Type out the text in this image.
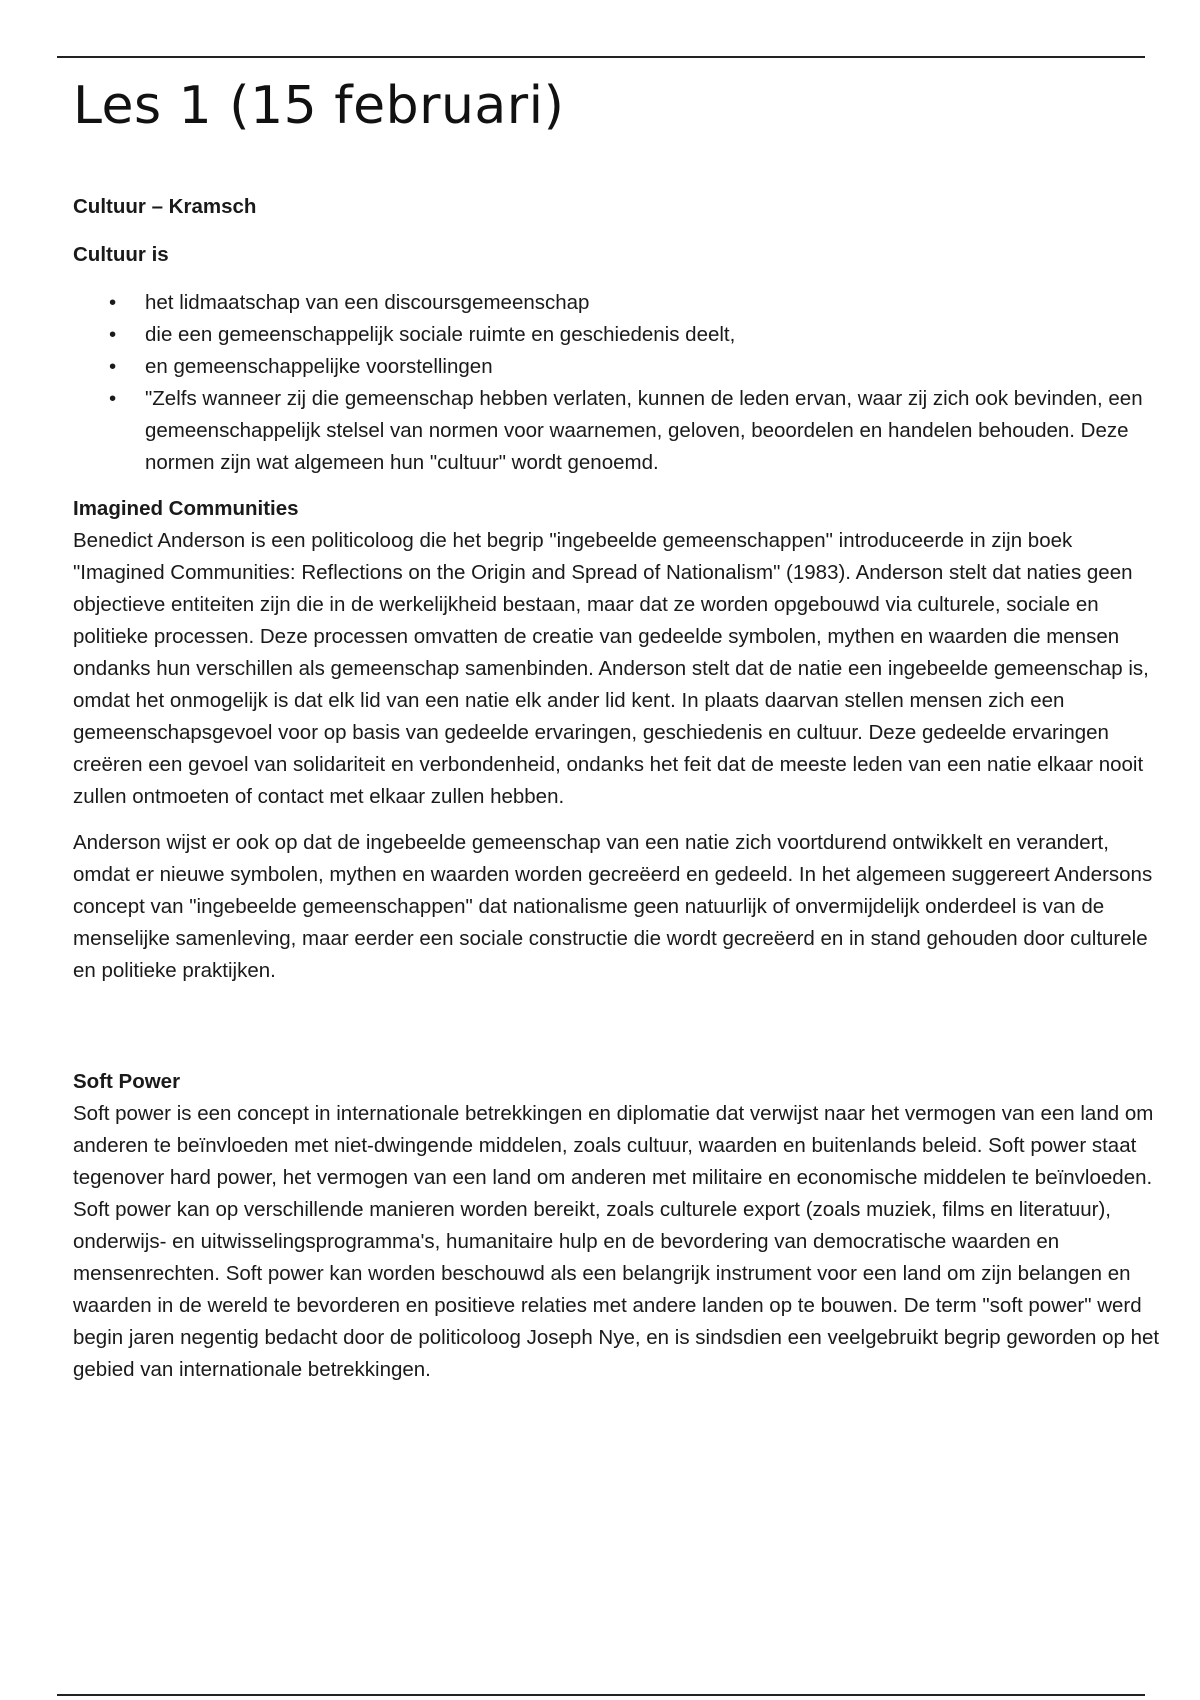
Les 1 (15 februari)
Cultuur – Kramsch
Cultuur is
• het lidmaatschap van een discoursgemeenschap
• die een gemeenschappelijk sociale ruimte en geschiedenis deelt,
• en gemeenschappelijke voorstellingen
• "Zelfs wanneer zij die gemeenschap hebben verlaten, kunnen de leden ervan, waar zij zich ook bevinden, een gemeenschappelijk stelsel van normen voor waarnemen, geloven, beoordelen en handelen behouden. Deze normen zijn wat algemeen hun "cultuur" wordt genoemd.
Imagined Communities

Benedict Anderson is een politicoloog die het begrip "ingebeelde gemeenschappen" introduceerde in zijn boek "Imagined Communities: Reflections on the Origin and Spread of Nationalism" (1983). Anderson stelt dat naties geen objectieve entiteiten zijn die in de werkelijkheid bestaan, maar dat ze worden opgebouwd via culturele, sociale en politieke processen. Deze processen omvatten de creatie van gedeelde symbolen, mythen en waarden die mensen ondanks hun verschillen als gemeenschap samenbinden. Anderson stelt dat de natie een ingebeelde gemeenschap is, omdat het onmogelijk is dat elk lid van een natie elk ander lid kent. In plaats daarvan stellen mensen zich een gemeenschapsgevoel voor op basis van gedeelde ervaringen, geschiedenis en cultuur. Deze gedeelde ervaringen creëren een gevoel van solidariteit en verbondenheid, ondanks het feit dat de meeste leden van een natie elkaar nooit zullen ontmoeten of contact met elkaar zullen hebben.

Anderson wijst er ook op dat de ingebeelde gemeenschap van een natie zich voortdurend ontwikkelt en verandert, omdat er nieuwe symbolen, mythen en waarden worden gecreëerd en gedeeld. In het algemeen suggereert Andersons concept van "ingebeelde gemeenschappen" dat nationalisme geen natuurlijk of onvermijdelijk onderdeel is van de menselijke samenleving, maar eerder een sociale constructie die wordt gecreëerd en in stand gehouden door culturele en politieke praktijken.

Soft Power

Soft power is een concept in internationale betrekkingen en diplomatie dat verwijst naar het vermogen van een land om anderen te beïnvloeden met niet-dwingende middelen, zoals cultuur, waarden en buitenlands beleid. Soft power staat tegenover hard power, het vermogen van een land om anderen met militaire en economische middelen te beïnvloeden. Soft power kan op verschillende manieren worden bereikt, zoals culturele export (zoals muziek, films en literatuur), onderwijs- en uitwisselingsprogramma's, humanitaire hulp en de bevordering van democratische waarden en mensenrechten. Soft power kan worden beschouwd als een belangrijk instrument voor een land om zijn belangen en waarden in de wereld te bevorderen en positieve relaties met andere landen op te bouwen. De term "soft power" werd begin jaren negentig bedacht door de politicoloog Joseph Nye, en is sindsdien een veelgebruikt begrip geworden op het gebied van internationale betrekkingen.
